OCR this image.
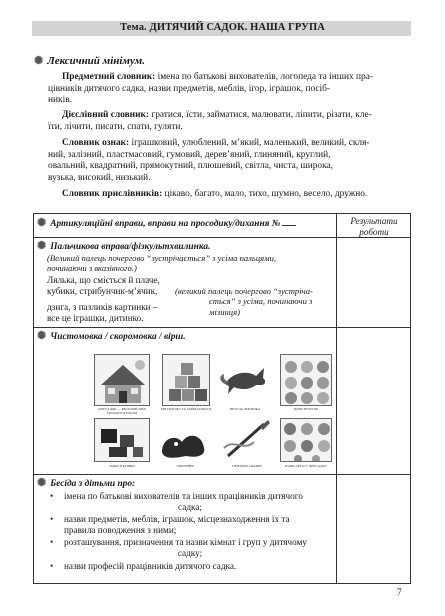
Тема. ДИТЯЧИЙ САДОК. НАША ГРУПА
✺ Лексичний мінімум.
Предметний словник: імена по батькові вихователів, логопеда та інших пра-
цівників дитячого садка, назви предметів, меблів, ігор, іграшок, посіб-
ників.
Дієслівний словник: гратися, їсти, займатися, малювати, ліпити, різати, кле-
їти, лічити, писати, спати, гуляти.
Словник ознак: іграшковий, улюблений, м’який, маленький, великий, скля-
ний, залізний, пластмасовий, гумовий, дерев’яний, глиняний, круглий,
овальний, квадратний, прямокутний, плюшевий, світла, чиста, широка,
вузька, високий, низький.
Словник прислівників: цікаво, багато, мало, тихо, шумно, весело, дружно.
✺ Артикуляційні вправи, вправи на просодику/дихання №	Результати
роботи
✺ Пальчикова вправа/фізкультхвилинка.
(Великий палець почергово “зустрічається” з усіма пальцями,
починаючи з вказівного.)
Лялька, що сміється й плаче,
кубики, стрибунчик-м’ячик, (великий палець почергово “зустріча-
ється” з усіма, починаючи з мізинця)
дзига, з пазликів картинки –
все це іграшки, дитинко.
✺ Чистомовка / скоромовка / вірш.
ДИТСАДОК — ВЕСЕЛИЙ ДІМ! ГРАЄМОСЯ РАЗОМ
МИ ГРАЄМО ТА ЗАЙМАЄМОСЯ	ВЕСЕЛА ЛИСИЧКА	КОНСТРУКТОР
НАШІ ІГРАШКИ	ЛІПЛЕННЯ	ПЕНЗЛИК І ФАРБИ	НАШІ ДРУЗІ У ДИТСАДКУ
✺ Бесіда з дітьми про:
•	імена по батькові вихователів та інших працівників дитячого
садка;
•	назви предметів, меблів, іграшок, місцезнаходження їх та
правила поводження з ними;
•	розташування, призначення та назви кімнат і груп у дитячому
садку;
•	назви професій працівників дитячого садка.
7
